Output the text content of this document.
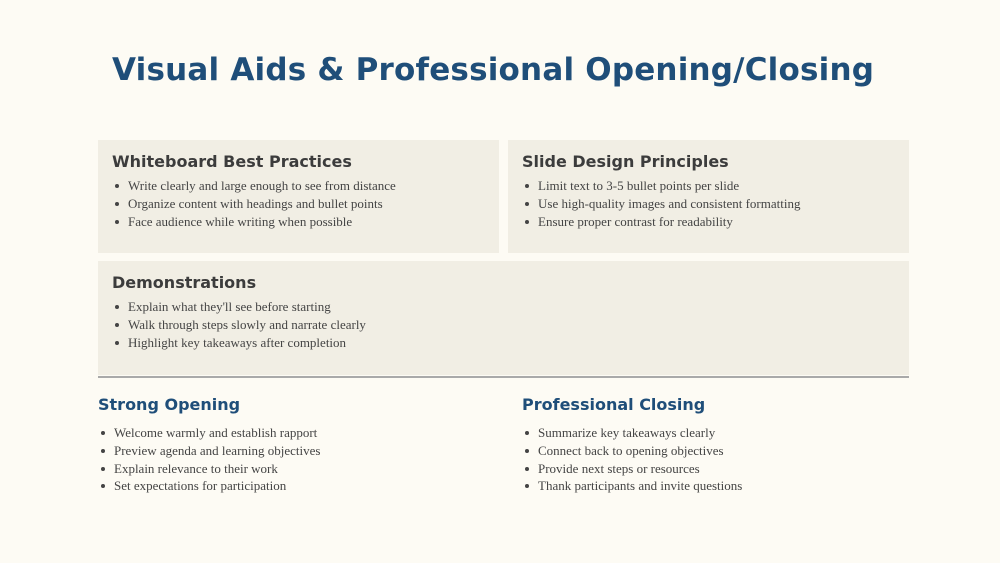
Visual Aids & Professional Opening/Closing
Whiteboard Best Practices
Write clearly and large enough to see from distance
Organize content with headings and bullet points
Face audience while writing when possible
Slide Design Principles
Limit text to 3-5 bullet points per slide
Use high-quality images and consistent formatting
Ensure proper contrast for readability
Demonstrations
Explain what they'll see before starting
Walk through steps slowly and narrate clearly
Highlight key takeaways after completion
Strong Opening
Welcome warmly and establish rapport
Preview agenda and learning objectives
Explain relevance to their work
Set expectations for participation
Professional Closing
Summarize key takeaways clearly
Connect back to opening objectives
Provide next steps or resources
Thank participants and invite questions
